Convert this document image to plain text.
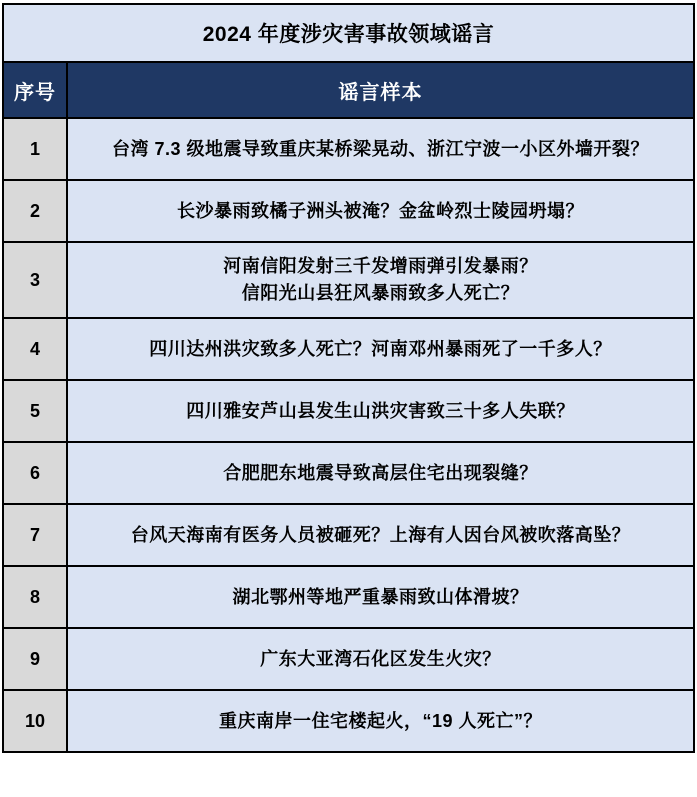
2024 年度涉灾害事故领域谣言	
序号	谣言样本
1	台湾 7.3 级地震导致重庆某桥梁晃动、浙江宁波一小区外墙开裂？

2	长沙暴雨致橘子洲头被淹？金盆岭烈士陵园坍塌？

3	河南信阳发射三千发增雨弹引发暴雨？
信阳光山县狂风暴雨致多人死亡？

4	四川达州洪灾致多人死亡？河南邓州暴雨死了一千多人？

5	四川雅安芦山县发生山洪灾害致三十多人失联？

6	合肥肥东地震导致高层住宅出现裂缝？

7	台风天海南有医务人员被砸死？上海有人因台风被吹落高坠？

8	湖北鄂州等地严重暴雨致山体滑坡？

9	广东大亚湾石化区发生火灾？

10	重庆南岸一住宅楼起火，“19 人死亡”？
